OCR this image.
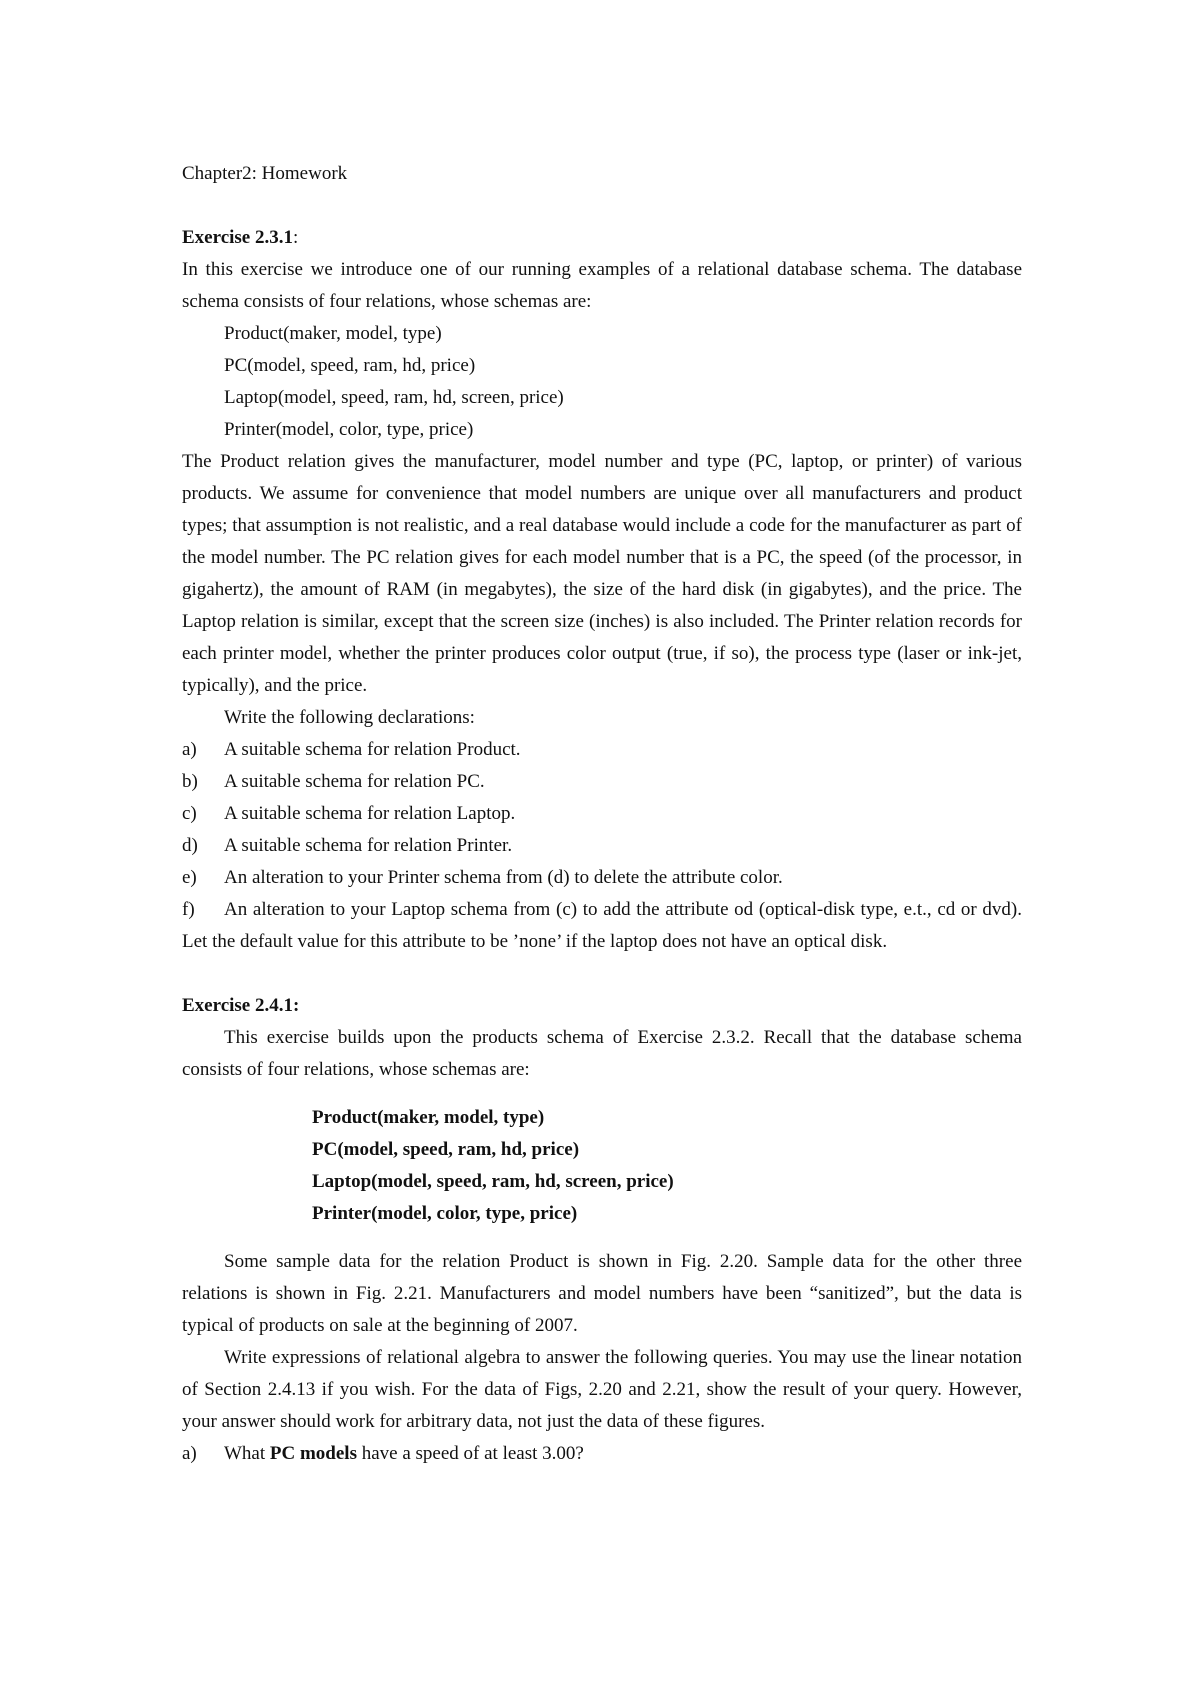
Chapter2: Homework

Exercise 2.3.1:

In this exercise we introduce one of our running examples of a relational database schema. The database schema consists of four relations, whose schemas are:

Product(maker, model, type)

PC(model, speed, ram, hd, price)

Laptop(model, speed, ram, hd, screen, price)

Printer(model, color, type, price)

The Product relation gives the manufacturer, model number and type (PC, laptop, or printer) of various products. We assume for convenience that model numbers are unique over all manufacturers and product types; that assumption is not realistic, and a real database would include a code for the manufacturer as part of the model number. The PC relation gives for each model number that is a PC, the speed (of the processor, in gigahertz), the amount of RAM (in megabytes), the size of the hard disk (in gigabytes), and the price. The Laptop relation is similar, except that the screen size (inches) is also included. The Printer relation records for each printer model, whether the printer produces color output (true, if so), the process type (laser or ink-jet, typically), and the price.

Write the following declarations:

a)	A suitable schema for relation Product.
b)	A suitable schema for relation PC.
c)	A suitable schema for relation Laptop.
d)	A suitable schema for relation Printer.
e)	An alteration to your Printer schema from (d) to delete the attribute color.

f) An alteration to your Laptop schema from (c) to add the attribute od (optical-disk type, e.t., cd or dvd). Let the default value for this attribute to be ’none’ if the laptop does not have an optical disk.

Exercise 2.4.1:

This exercise builds upon the products schema of Exercise 2.3.2. Recall that the database schema consists of four relations, whose schemas are:

Product(maker, model, type)

PC(model, speed, ram, hd, price)

Laptop(model, speed, ram, hd, screen, price)

Printer(model, color, type, price)

Some sample data for the relation Product is shown in Fig. 2.20. Sample data for the other three relations is shown in Fig. 2.21. Manufacturers and model numbers have been “sanitized”, but the data is typical of products on sale at the beginning of 2007.

Write expressions of relational algebra to answer the following queries. You may use the linear notation of Section 2.4.13 if you wish. For the data of Figs, 2.20 and 2.21, show the result of your query. However, your answer should work for arbitrary data, not just the data of these figures.

a)	What PC models have a speed of at least 3.00?
